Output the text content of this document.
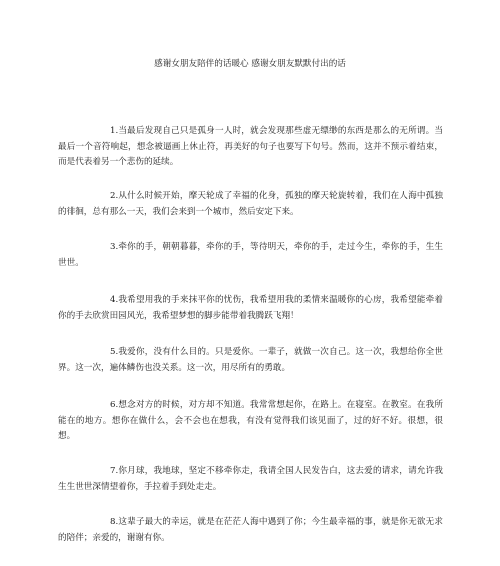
感谢女朋友陪伴的话暖心 感谢女朋友默默付出的话
1.当最后发现自己只是孤身一人时，就会发现那些虚无缥缈的东西是那么的无所谓。当最后一个音符响起，想念被逼画上休止符，再美好的句子也要写下句号。然而，这并不预示着结束，而是代表着另一个悲伤的延续。
2.从什么时候开始，摩天轮成了幸福的化身，孤独的摩天轮旋转着，我们在人海中孤独的徘徊，总有那么一天，我们会来到一个城市，然后安定下来。
3.牵你的手，朝朝暮暮，牵你的手，等待明天，牵你的手，走过今生，牵你的手，生生世世。
4.我希望用我的手来抹平你的忧伤，我希望用我的柔情来温暖你的心房，我希望能牵着你的手去欣赏田园风光，我希望梦想的脚步能带着我腾跃飞翔！
5.我爱你，没有什么目的。只是爱你。一辈子，就做一次自己。这一次，我想给你全世界。这一次，遍体鳞伤也没关系。这一次，用尽所有的勇敢。
6.想念对方的时候，对方却不知道。我常常想起你，在路上。在寝室。在教室。在我所能在的地方。想你在做什么，会不会也在想我，有没有觉得我们该见面了，过的好不好。很想，很想。
7.你月球，我地球，坚定不移牵你走，我请全国人民发告白，这去爱的请求，请允许我生生世世深情望着你，手拉着手到处走走。
8.这辈子最大的幸运，就是在茫茫人海中遇到了你；今生最幸福的事，就是你无欲无求的陪伴；亲爱的，谢谢有你。
